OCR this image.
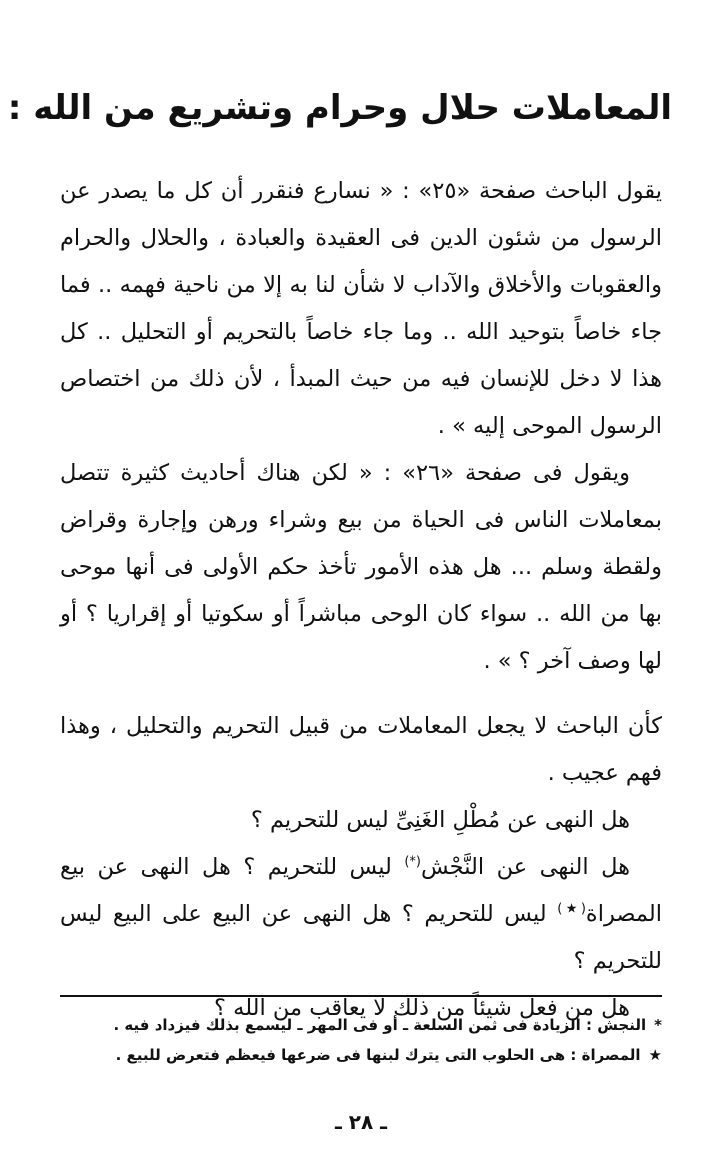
المعاملات حلال وحرام وتشريع من الله :

يقول الباحث صفحة «٢٥» : « نسارع فنقرر أن كل ما يصدر عن الرسول من شئون الدين فى العقيدة والعبادة ، والحلال والحرام والعقوبات والأخلاق والآداب لا شأن لنا به إلا من ناحية فهمه .. فما جاء خاصاً بتوحيد الله .. وما جاء خاصاً بالتحريم أو التحليل .. كل هذا لا دخل للإنسان فيه من حيث المبدأ ، لأن ذلك من اختصاص الرسول الموحى إليه » .

ويقول فى صفحة «٢٦» : « لكن هناك أحاديث كثيرة تتصل بمعاملات الناس فى الحياة من بيع وشراء ورهن وإجارة وقراض ولقطة وسلم ... هل هذه الأمور تأخذ حكم الأولى فى أنها موحى بها من الله .. سواء كان الوحى مباشراً أو سكوتيا أو إقراريا ؟ أو لها وصف آخر ؟ » .

كأن الباحث لا يجعل المعاملات من قبيل التحريم والتحليل ، وهذا فهم عجيب .

هل النهى عن مُطْلِ الغَنِىِّ ليس للتحريم ؟

هل النهى عن النَّجْش(*) ليس للتحريم ؟ هل النهى عن بيع المصراة(★) ليس للتحريم ؟ هل النهى عن البيع على البيع ليس للتحريم ؟

هل من فعل شيئاً من ذلك لا يعاقب من الله ؟

*النجش : الزيادة فى ثمن السلعة ـ أو فى المهر ـ ليسمع بذلك فيزداد فيه .
★المصراة : هى الحلوب التى يترك لبنها فى ضرعها فيعظم فتعرض للبيع .
ـ ٢٨ ـ
